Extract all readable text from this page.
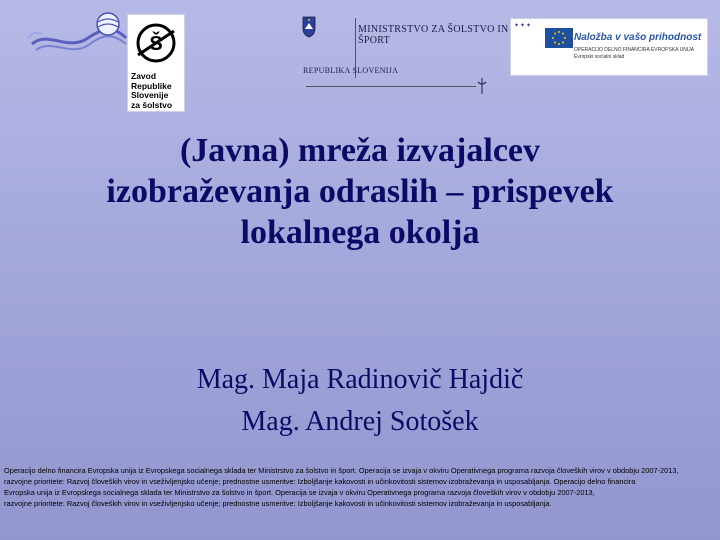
Š
Zavod
Republike
Slovenije
za šolstvo
MINISTRSTVO ZA ŠOLSTVO IN ŠPORT
REPUBLIKA SLOVENIJA
✦✦✦
Naložba v vašo prihodnost
OPERACIJO DELNO FINANCIRA EVROPSKA UNIJA
Evropski socialni sklad
(Javna) mreža izvajalcev
izobraževanja odraslih – prispevek
lokalnega okolja
Mag. Maja Radinovič Hajdič
Mag. Andrej Sotošek
Operacijo delno financira Evropska unija iz Evropskega socialnega sklada ter Ministrstvo za šolstvo in šport. Operacija se izvaja v okviru Operativnega programa razvoja človeških virov v obdobju 2007-2013,
razvojne prioritete: Razvoj človeških virov in vseživljenjsko učenje; prednostne usmeritve: Izboljšanje kakovosti in učinkovitosti sistemov izobraževanja in usposabljanja. Operacijo delno financira
Evropska unija iz Evropskega socialnega sklada ter Ministrstvo za šolstvo in šport. Operacija se izvaja v okviru Operativnega programa razvoja človeških virov v obdobju 2007-2013,
razvojne prioritete: Razvoj človeških virov in vseživljenjsko učenje; prednostne usmeritve: Izboljšanje kakovosti in učinkovitosti sistemov izobraževanja in usposabljanja.
